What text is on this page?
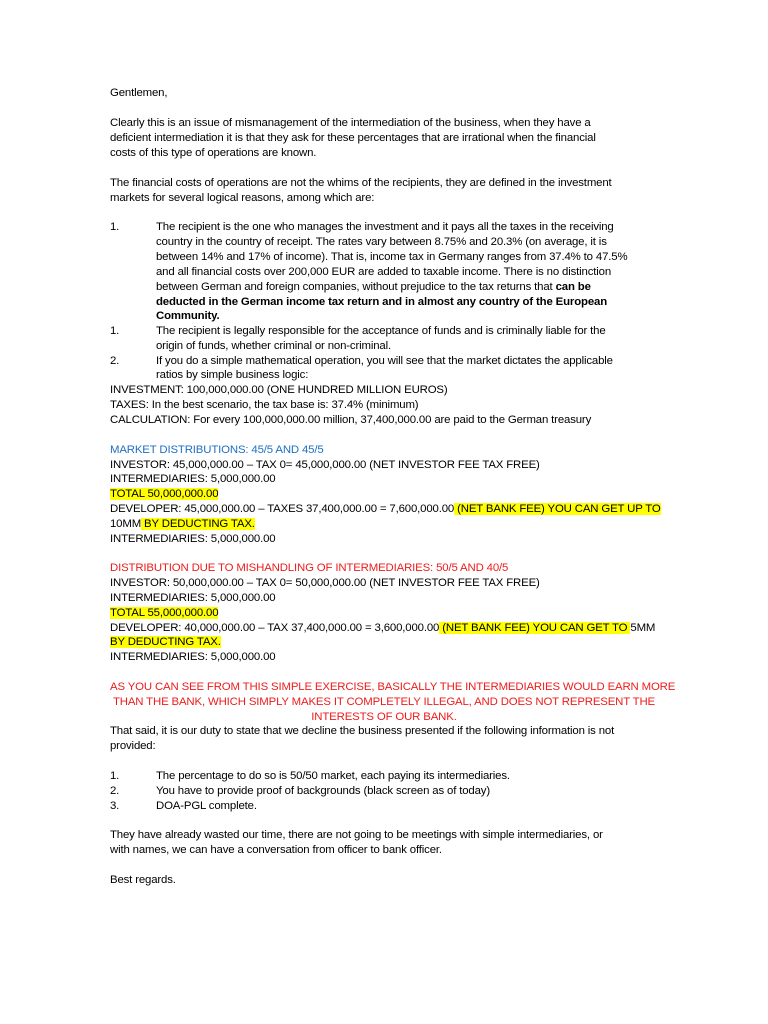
Gentlemen,
Clearly this is an issue of mismanagement of the intermediation of the business, when they have a
deficient intermediation it is that they ask for these percentages that are irrational when the financial
costs of this type of operations are known.
The financial costs of operations are not the whims of the recipients, they are defined in the investment
markets for several logical reasons, among which are:
1.	The recipient is the one who manages the investment and it pays all the taxes in the receiving
country in the country of receipt. The rates vary between 8.75% and 20.3% (on average, it is
between 14% and 17% of income). That is, income tax in Germany ranges from 37.4% to 47.5%
and all financial costs over 200,000 EUR are added to taxable income. There is no distinction
between German and foreign companies, without prejudice to the tax returns that can be
deducted in the German income tax return and in almost any country of the European
Community.
1.	The recipient is legally responsible for the acceptance of funds and is criminally liable for the
origin of funds, whether criminal or non-criminal.
2.	If you do a simple mathematical operation, you will see that the market dictates the applicable
ratios by simple business logic:
INVESTMENT: 100,000,000.00 (ONE HUNDRED MILLION EUROS)
TAXES: In the best scenario, the tax base is: 37.4% (minimum)
CALCULATION: For every 100,000,000.00 million, 37,400,000.00 are paid to the German treasury
MARKET DISTRIBUTIONS: 45/5 AND 45/5
INVESTOR: 45,000,000.00 – TAX 0= 45,000,000.00 (NET INVESTOR FEE TAX FREE)
INTERMEDIARIES: 5,000,000.00
TOTAL 50,000,000.00
DEVELOPER: 45,000,000.00 – TAXES 37,400,000.00 = 7,600,000.00 (NET BANK FEE) YOU CAN GET UP TO
10MM BY DEDUCTING TAX.
INTERMEDIARIES: 5,000,000.00
DISTRIBUTION DUE TO MISHANDLING OF INTERMEDIARIES: 50/5 AND 40/5
INVESTOR: 50,000,000.00 – TAX 0= 50,000,000.00 (NET INVESTOR FEE TAX FREE)
INTERMEDIARIES: 5,000,000.00
TOTAL 55,000,000.00
DEVELOPER: 40,000,000.00 – TAX 37,400,000.00 = 3,600,000.00 (NET BANK FEE) YOU CAN GET TO 5MM
BY DEDUCTING TAX.
INTERMEDIARIES: 5,000,000.00
AS YOU CAN SEE FROM THIS SIMPLE EXERCISE, BASICALLY THE INTERMEDIARIES WOULD EARN MORE
THAN THE BANK, WHICH SIMPLY MAKES IT COMPLETELY ILLEGAL, AND DOES NOT REPRESENT THE
INTERESTS OF OUR BANK.
That said, it is our duty to state that we decline the business presented if the following information is not
provided:
1.	The percentage to do so is 50/50 market, each paying its intermediaries.
2.	You have to provide proof of backgrounds (black screen as of today)
3.	DOA-PGL complete.
They have already wasted our time, there are not going to be meetings with simple intermediaries, or
with names, we can have a conversation from officer to bank officer.
Best regards.
